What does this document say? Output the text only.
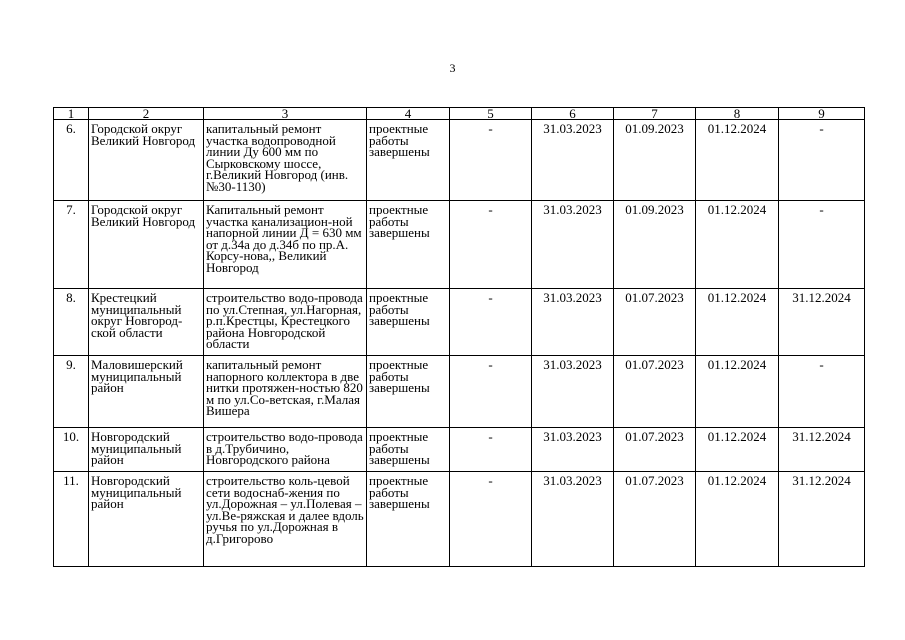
3
1	2	3	4	5	6	7	8	9
6.	Городской округ Великий Новгород	капитальный ремонт участка водопроводной линии Ду 600 мм по Сырковскому шоссе, г.Великий Новгород (инв.№30-1130)	проектные работы завершены	-	31.03.2023	01.09.2023	01.12.2024	-
7.	Городской округ Великий Новгород	Капитальный ремонт участка канализацион-ной напорной линии Д = 630 мм от д.34а до д.34б по пр.А. Корсу-нова,, Великий Новгород	проектные работы завершены	-	31.03.2023	01.09.2023	01.12.2024	-
8.	Крестецкий муниципальный округ Новгород-ской области	строительство водо-провода по ул.Степная, ул.Нагорная, р.п.Крестцы, Крестецкого района Новгородской области	проектные работы завершены	-	31.03.2023	01.07.2023	01.12.2024	31.12.2024
9.	Маловишерский муниципальный район	капитальный ремонт напорного коллектора в две нитки протяжен-ностью 820 м по ул.Со-ветская, г.Малая Вишера	проектные работы завершены	-	31.03.2023	01.07.2023	01.12.2024	-
10.	Новгородский муниципальный район	строительство водо-провода в д.Трубичино, Новгородского района	проектные работы завершены	-	31.03.2023	01.07.2023	01.12.2024	31.12.2024
11.	Новгородский муниципальный район	строительство коль-цевой сети водоснаб-жения по ул.Дорожная – ул.Полевая – ул.Ве-ряжская и далее вдоль ручья по ул.Дорожная в д.Григорово	проектные работы завершены	-	31.03.2023	01.07.2023	01.12.2024	31.12.2024
